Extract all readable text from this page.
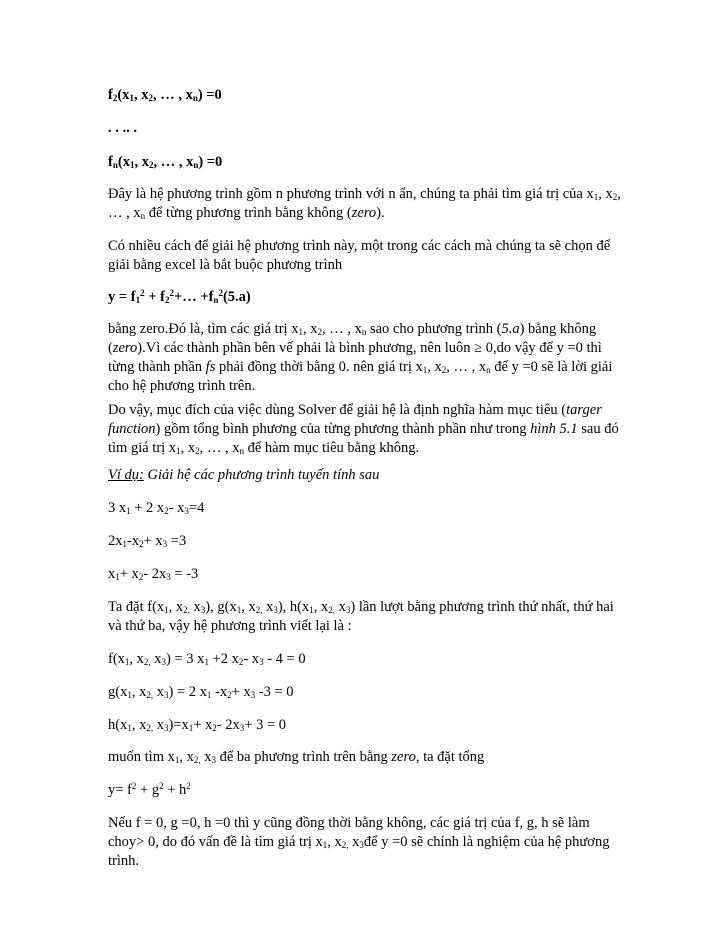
$f_2(x_1$, $x_2$, … , $x_n) =0$

. . .. .

$f_n(x_1$, $x_2$, … , $x_n) =0$

Đây là hệ phương trình gồm n phương trình với n ẩn, chúng ta phải tìm giá trị của $x_1$, $x_2$, … , $x_n$ để từng phương trình bằng không (zero).

Có nhiều cách để giải hệ phương trình này, một trong các cách mà chúng ta sẽ chọn để giải bằng excel là bắt buộc phương trình

$y = f_1^2$ + $f_2^2+\dots +f_n^2(5.a)$

bằng zero.Đó là, tìm các giá trị $x_1$, $x_2$, … , $x_n$ sao cho phương trình (5.a) bằng không (zero).Vì các thành phần bên vế phải là bình phương, nên luôn ≥ 0,do vậy để y =0 thì từng thành phần fs phải đồng thời bằng 0. nên giá trị $x_1$, $x_2$, … , $x_n$ để y =0 sẽ là lời giải cho hệ phương trình trên.

Do vậy, mục đích của việc dùng Solver để giải hệ là định nghĩa hàm mục tiêu (targer function) gồm tổng bình phương của từng phương thành phần như trong hình 5.1 sau đó tìm giá trị $x_1$, $x_2$, … , $x_n$ để hàm mục tiêu bằng không.

Ví dụ: Giải hệ các phương trình tuyến tính sau

3 $x_1 + 2$ $x_2-$ $x_3=4$

$2x_1-x_2+ x_3 =3$

$x_1+ x_2-$ $2x_3 = -3$

Ta đặt $f(x_1$, $x_{2,}$ $x_3$), $g(x_1$, $x_{2,}$ $x_3$), $h(x_1$, $x_{2,}$ $x_3$) lần lượt bằng phương trình thứ nhất, thứ hai và thứ ba, vậy hệ phương trình viết lại là :

$f(x_1$, $x_{2,}$ $x_3) = 3$ $x_1 +2$ $x_2-$ $x_3 - 4 = 0$

$g(x_1$, $x_{2,}$ $x_3) = 2$ $x_1$ $-x_2+ x_3$ -3 = 0

$h(x_1$, $x_{2,}$ $x_3)=x_1+ x_2-$ $2x_3+ 3 = 0$

muốn tìm $x_1$, $x_{2,}$ $x_3$ để ba phương trình trên bằng zero, ta đặt tổng

$y= f^2 + g^2 + h^2$

Nếu f = 0, g =0, h =0 thì y cũng đồng thời bằng không, các giá trị của f, g, h sẽ làm choy> 0, do đó vấn đề là tìm giá trị $x_1$, $x_{2,}$ $x_3để$ y =0 sẽ chính là nghiệm của hệ phương trình.
